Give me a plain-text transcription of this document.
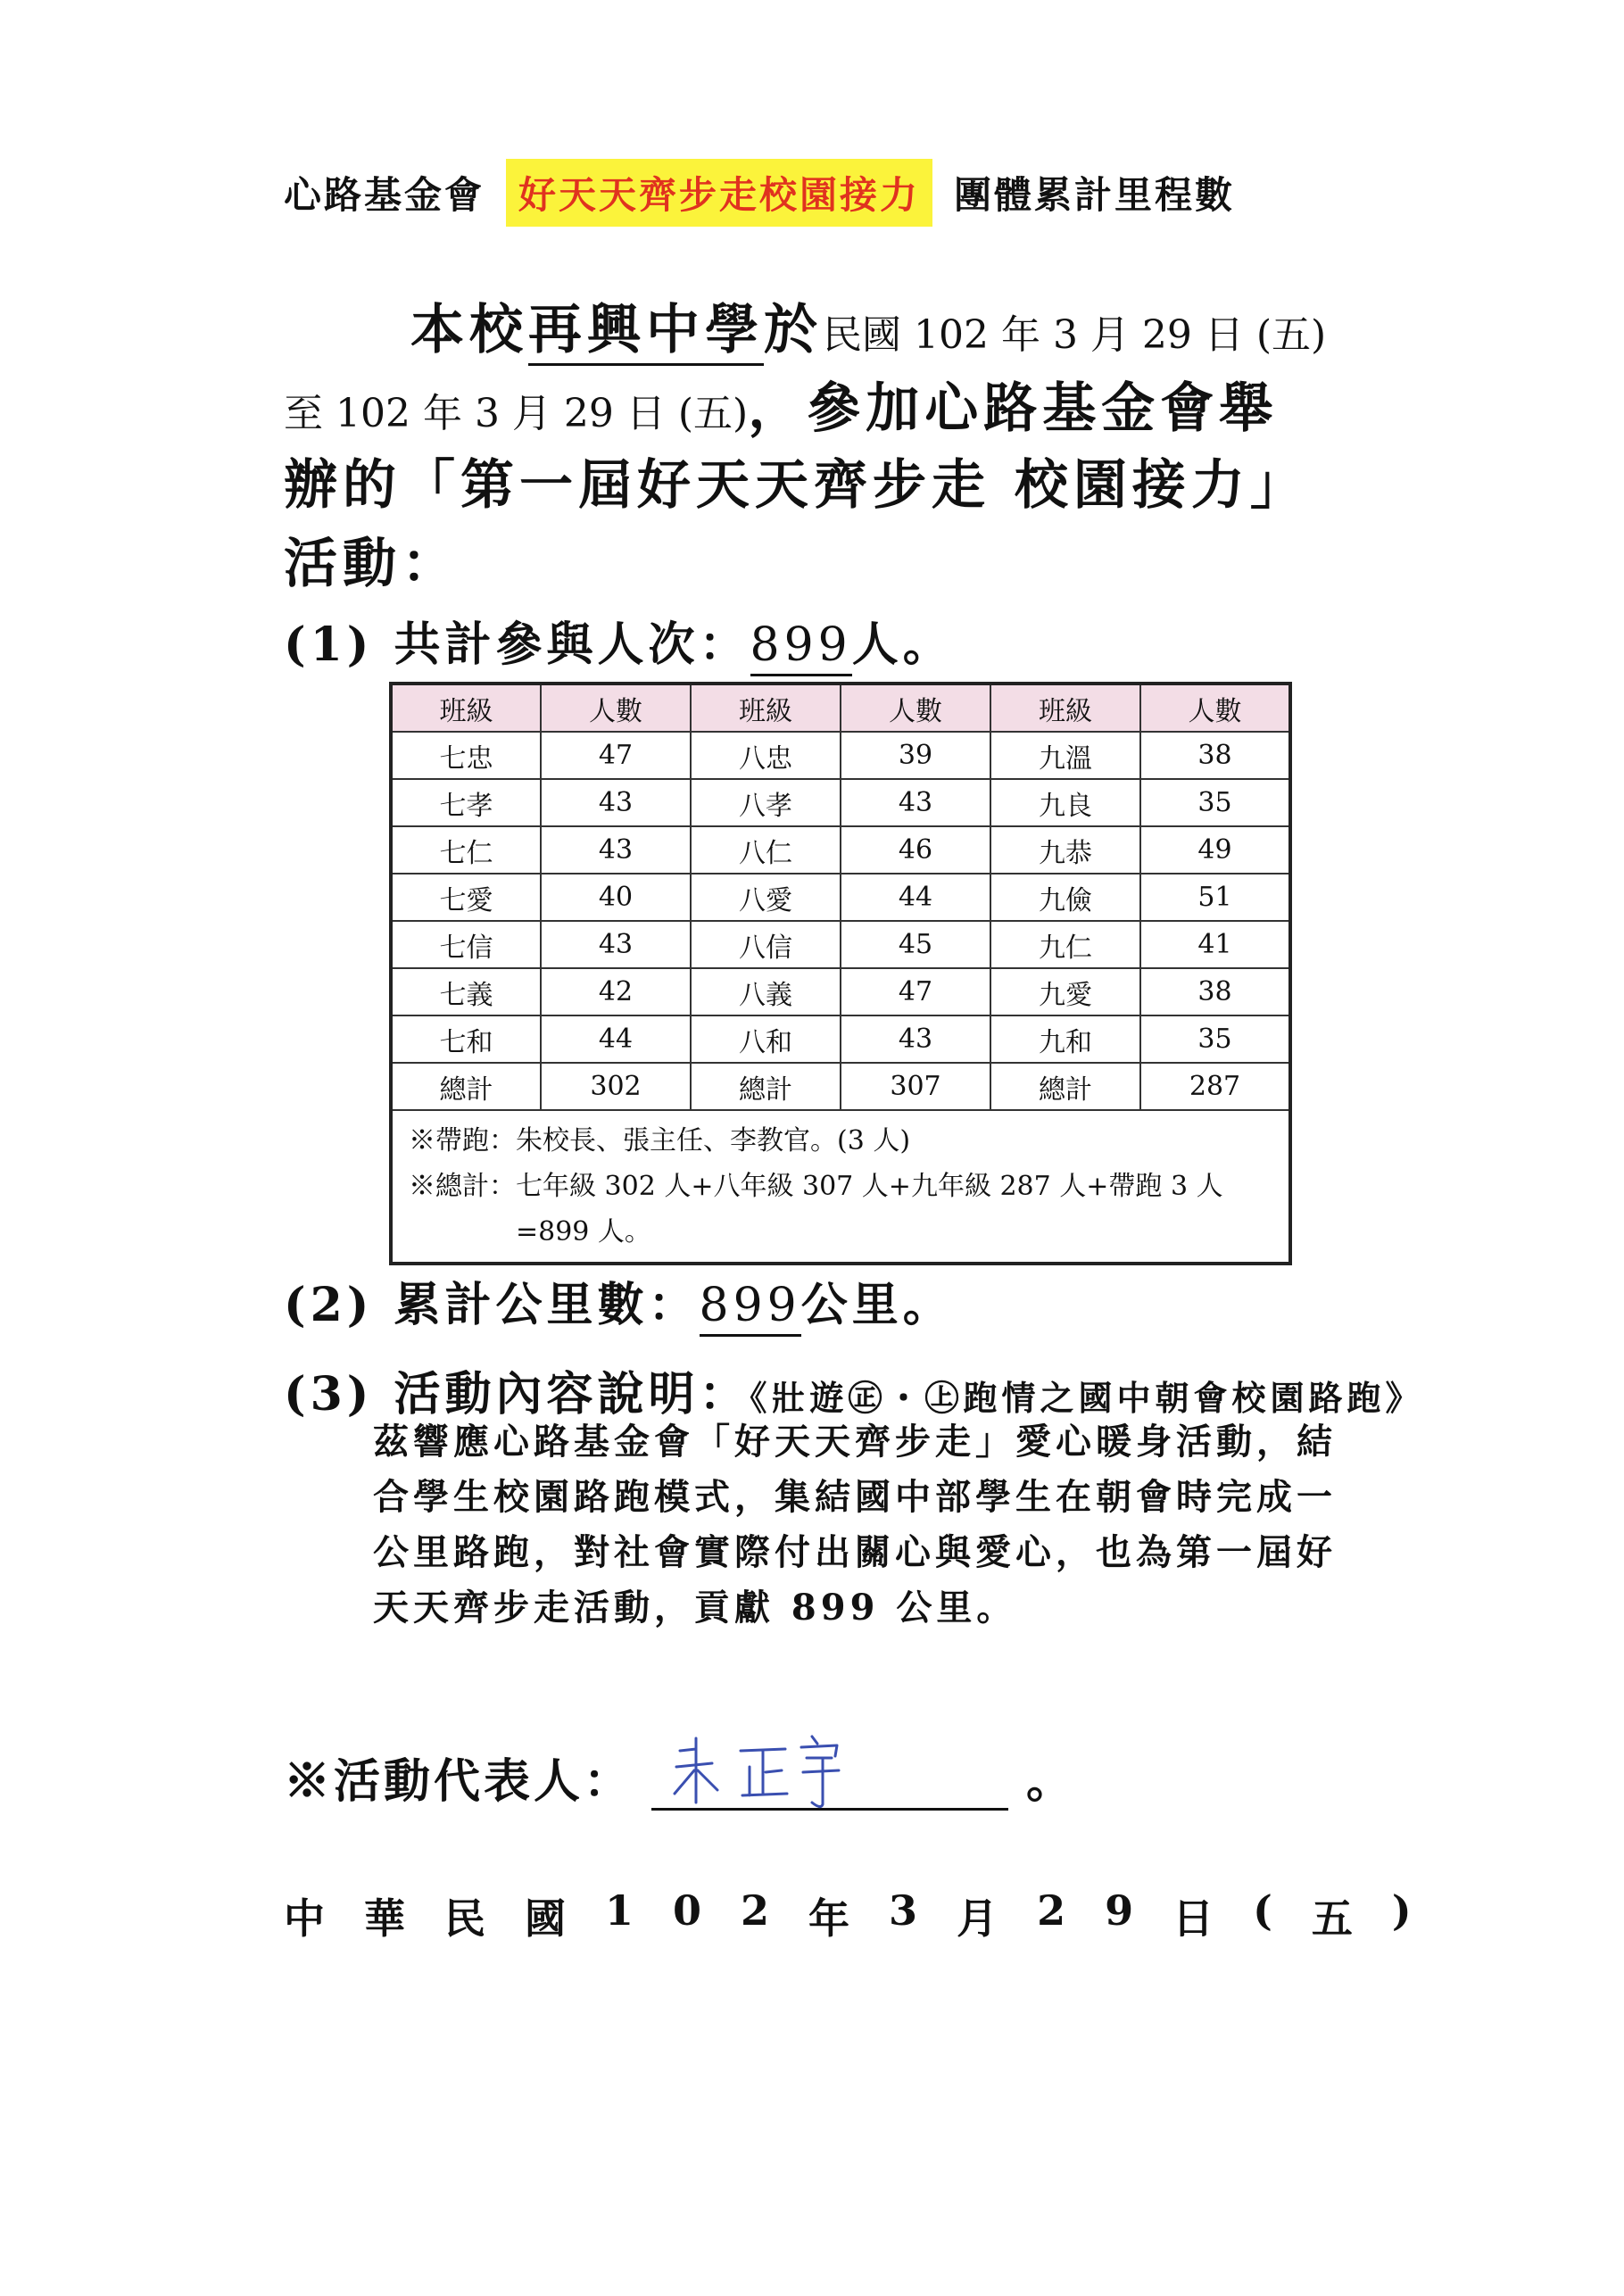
心路基金會 好天天齊步走校園接力 團體累計里程數
本校再興中學於民國 102 年 3 月 29 日 (五)
至 102 年 3 月 29 日 (五)，參加心路基金會舉
辦的「第一屆好天天齊步走 校園接力」
活動：
(1) 共計參與人次：899人。
班級	人數	班級	人數	班級	人數
七忠	47	八忠	39	九溫	38
七孝	43	八孝	43	九良	35
七仁	43	八仁	46	九恭	49
七愛	40	八愛	44	九儉	51
七信	43	八信	45	九仁	41
七義	42	八義	47	九愛	38
七和	44	八和	43	九和	35
總計	302	總計	307	總計	287

※帶跑：朱校長、張主任、李教官。(3 人)
※總計：七年級 302 人+八年級 307 人+九年級 287 人+帶跑 3 人
=899 人。					
(2) 累計公里數：899公里。
(3) 活動內容說明：《壯遊㊣・㊤跑情之國中朝會校園路跑》
茲響應心路基金會「好天天齊步走」愛心暖身活動，結
合學生校園路跑模式，集結國中部學生在朝會時完成一
公里路跑，對社會實際付出關心與愛心，也為第一屆好
天天齊步走活動，貢獻 899 公里。
※活動代表人：	。
中 華 民 國 1 0 2 年 3 月 2 9 日 ( 五 )
